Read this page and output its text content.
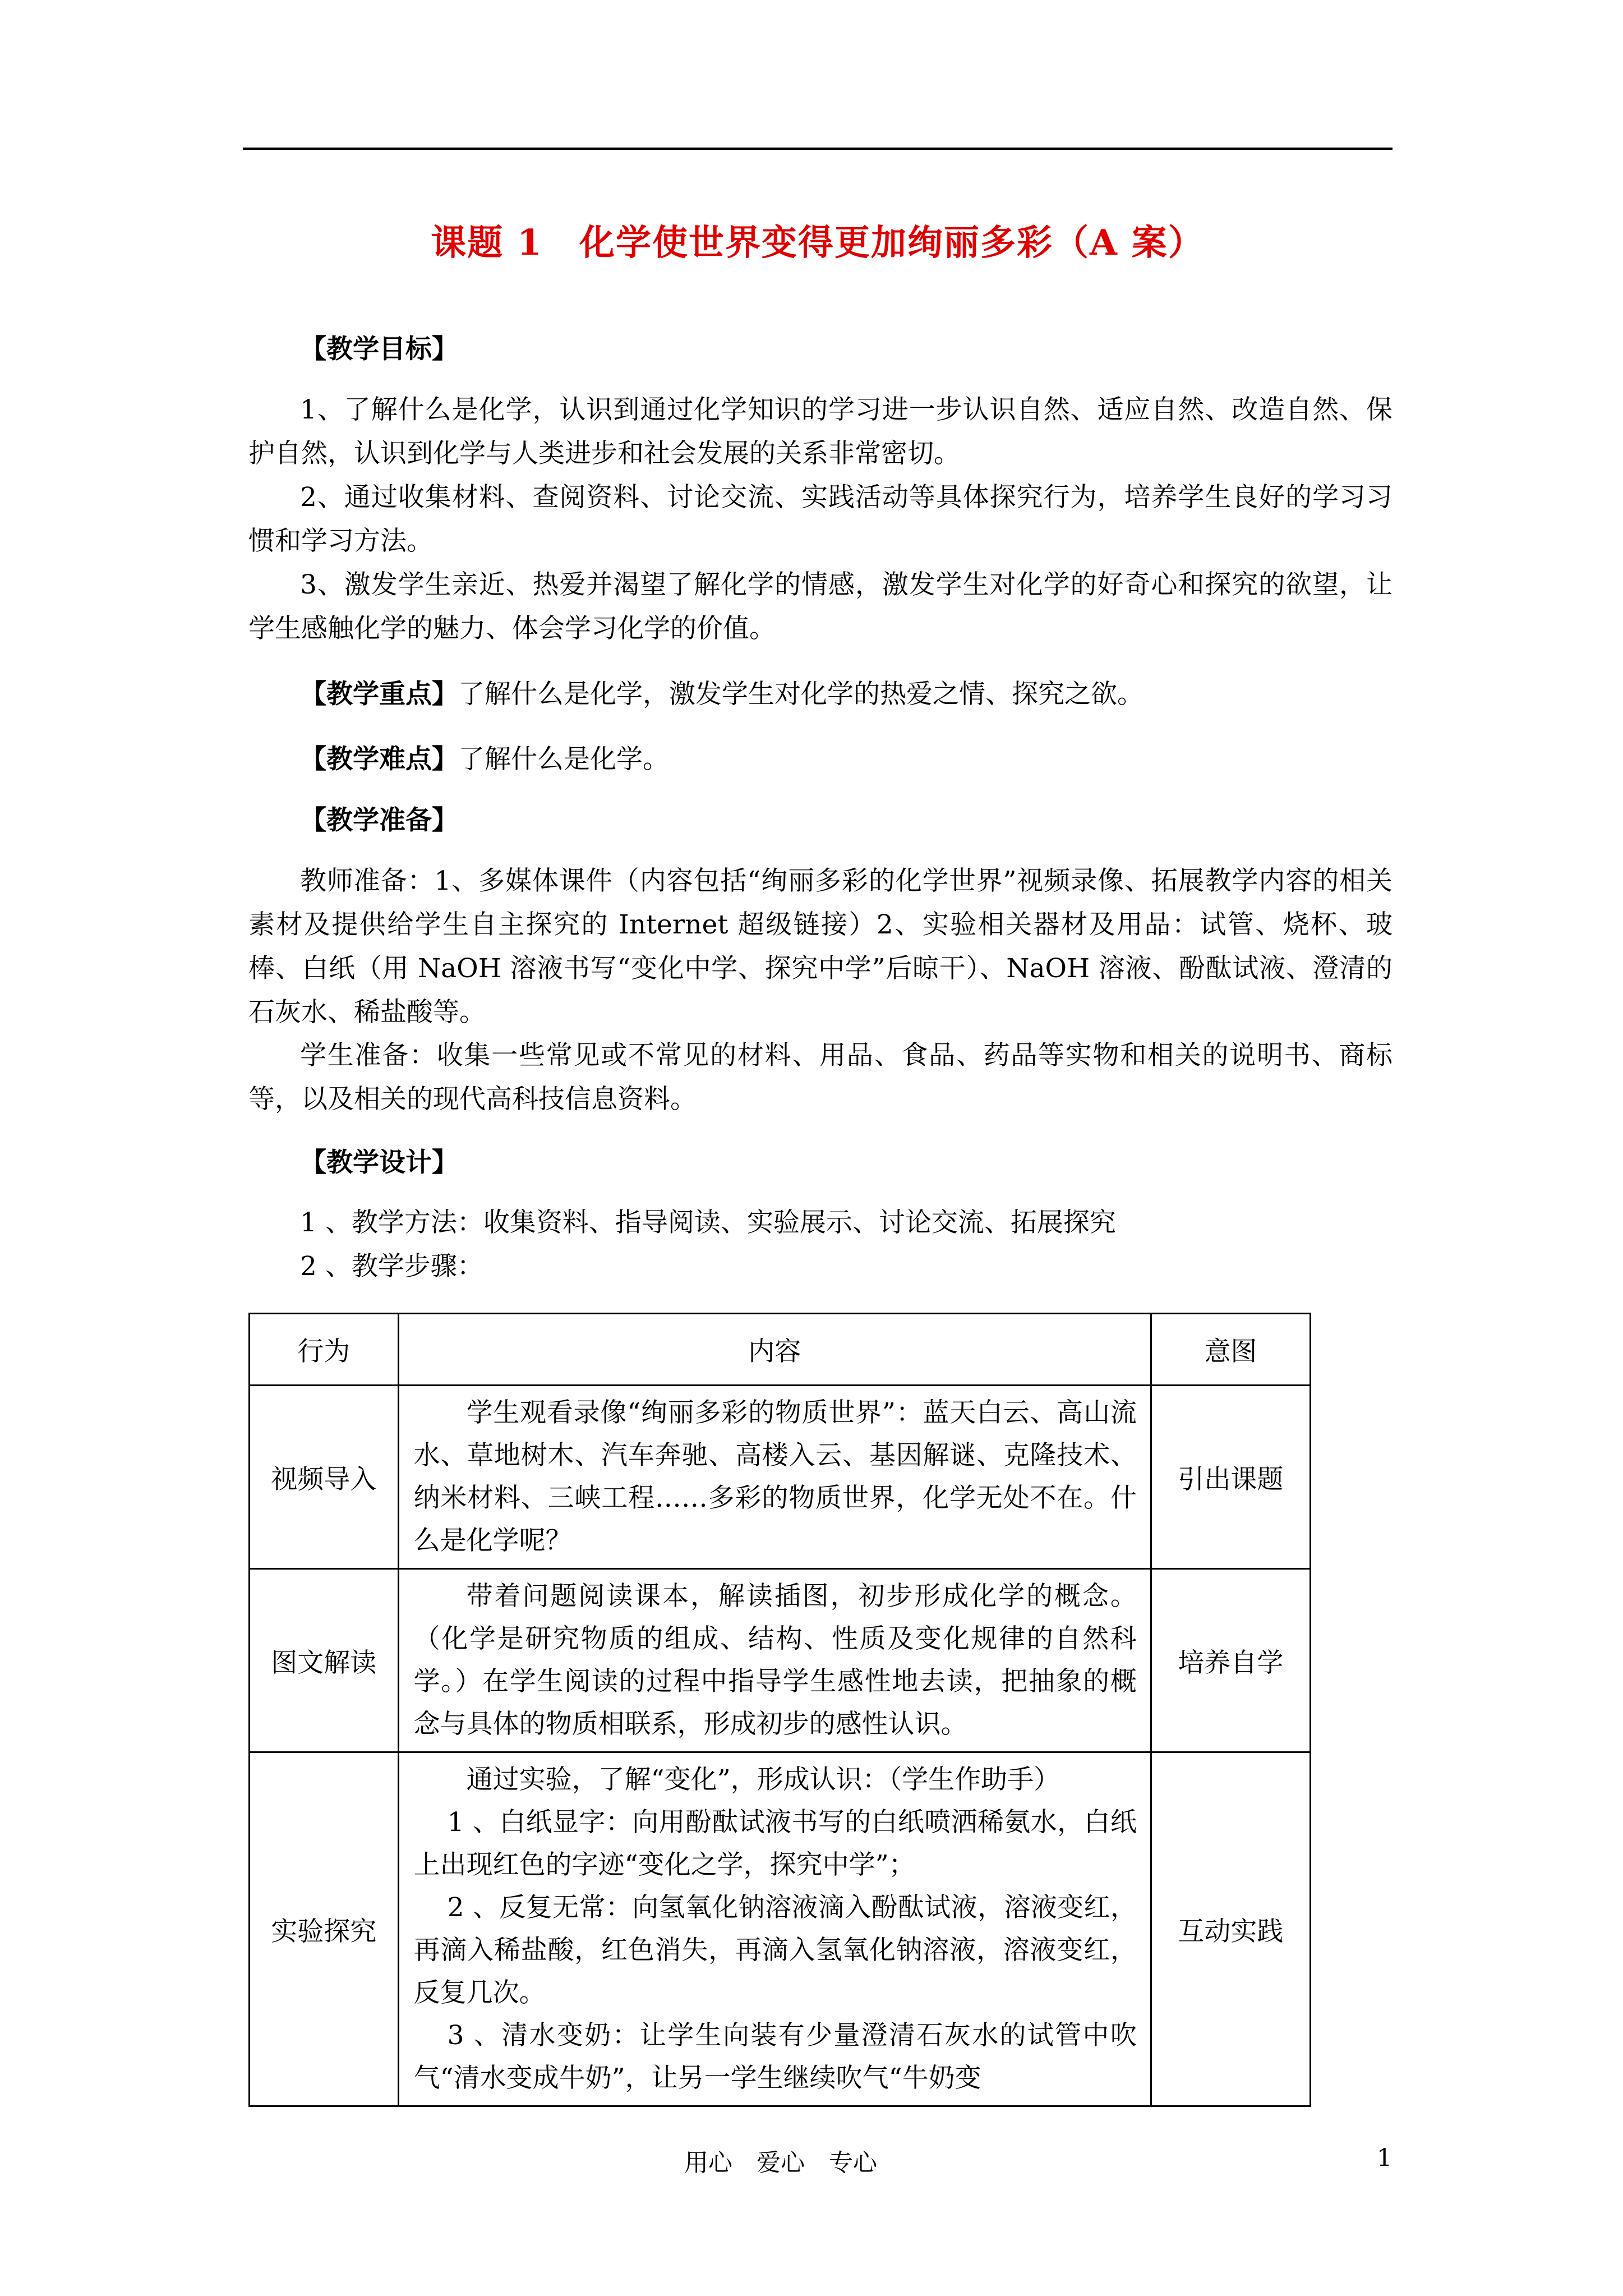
课题 1　化学使世界变得更加绚丽多彩（A 案）
【教学目标】
1、了解什么是化学，认识到通过化学知识的学习进一步认识自然、适应自然、改造自然、保护自然，认识到化学与人类进步和社会发展的关系非常密切。
2、通过收集材料、查阅资料、讨论交流、实践活动等具体探究行为，培养学生良好的学习习惯和学习方法。
3、激发学生亲近、热爱并渴望了解化学的情感，激发学生对化学的好奇心和探究的欲望，让学生感触化学的魅力、体会学习化学的价值。
【教学重点】了解什么是化学，激发学生对化学的热爱之情、探究之欲。
【教学难点】了解什么是化学。
【教学准备】
教师准备：1、多媒体课件（内容包括“绚丽多彩的化学世界”视频录像、拓展教学内容的相关素材及提供给学生自主探究的 Internet 超级链接）2、实验相关器材及用品：试管、烧杯、玻棒、白纸（用 NaOH 溶液书写“变化中学、探究中学”后晾干）、NaOH 溶液、酚酞试液、澄清的石灰水、稀盐酸等。
学生准备：收集一些常见或不常见的材料、用品、食品、药品等实物和相关的说明书、商标等，以及相关的现代高科技信息资料。
【教学设计】
1 、教学方法：收集资料、指导阅读、实验展示、讨论交流、拓展探究
2 、教学步骤：
行为	内容	意图
视频导入	学生观看录像“绚丽多彩的物质世界”：蓝天白云、高山流水、草地树木、汽车奔驰、高楼入云、基因解谜、克隆技术、纳米材料、三峡工程……多彩的物质世界，化学无处不在。什么是化学呢？	引出课题
图文解读	带着问题阅读课本，解读插图，初步形成化学的概念。（化学是研究物质的组成、结构、性质及变化规律的自然科学。）在学生阅读的过程中指导学生感性地去读，把抽象的概念与具体的物质相联系，形成初步的感性认识。	培养自学
实验探究	通过实验，了解“变化”，形成认识：（学生作助手）
1 、白纸显字：向用酚酞试液书写的白纸喷洒稀氨水，白纸上出现红色的字迹“变化之学，探究中学”；
2 、反复无常：向氢氧化钠溶液滴入酚酞试液，溶液变红，再滴入稀盐酸，红色消失，再滴入氢氧化钠溶液，溶液变红，反复几次。
3 、清水变奶：让学生向装有少量澄清石灰水的试管中吹气“清水变成牛奶”，让另一学生继续吹气“牛奶变	互动实践
用心　爱心　专心	1
